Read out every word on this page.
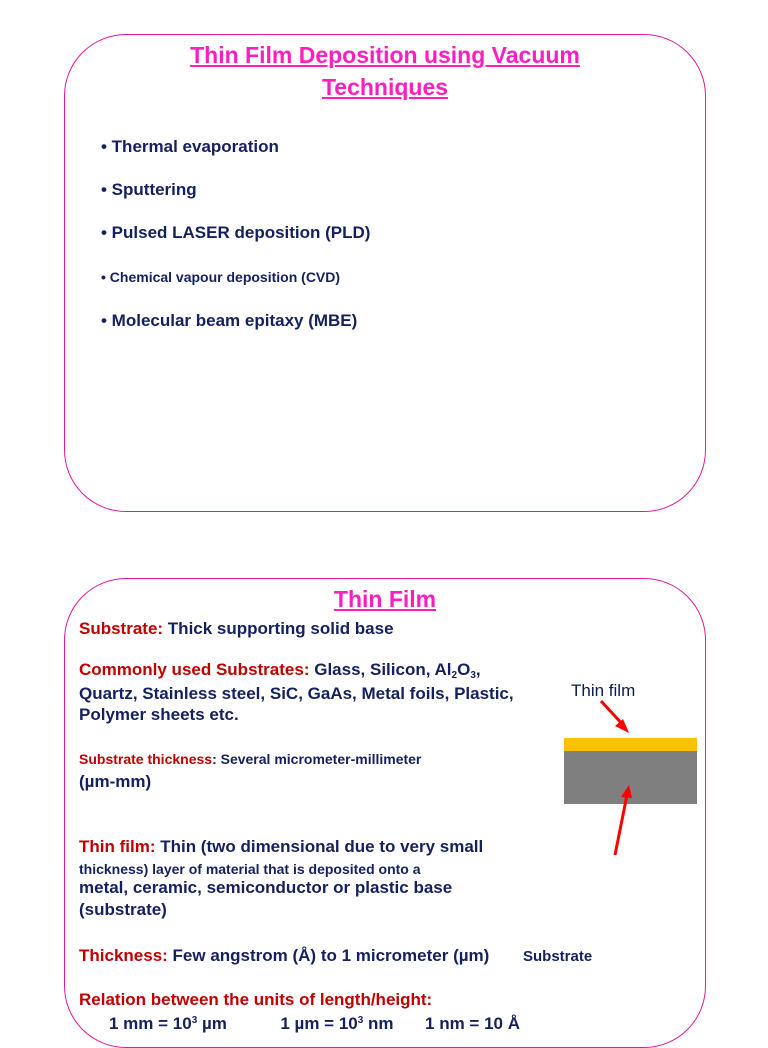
Thin Film Deposition using Vacuum
Techniques
• Thermal evaporation
• Sputtering
• Pulsed LASER deposition (PLD)
• Chemical vapour deposition (CVD)
• Molecular beam epitaxy (MBE)
Thin Film
Substrate: Thick supporting solid base
Commonly used Substrates: Glass, Silicon, $Al_2O_3$,
Quartz, Stainless steel, SiC, GaAs, Metal foils, Plastic,
Polymer sheets etc.
Substrate thickness: Several micrometer-millimeter
(µm-mm)
Thin film: Thin (two dimensional due to very small
thickness) layer of material that is deposited onto a
metal, ceramic, semiconductor or plastic base
(substrate)
Thickness: Few angstrom (Å) to 1 micrometer (µm)
Relation between the units of length/height:
1 mm = $10^3$ µm	1 $\mu m = 10^3$ nm 1 nm = 10 Å
Thin film
Substrate
